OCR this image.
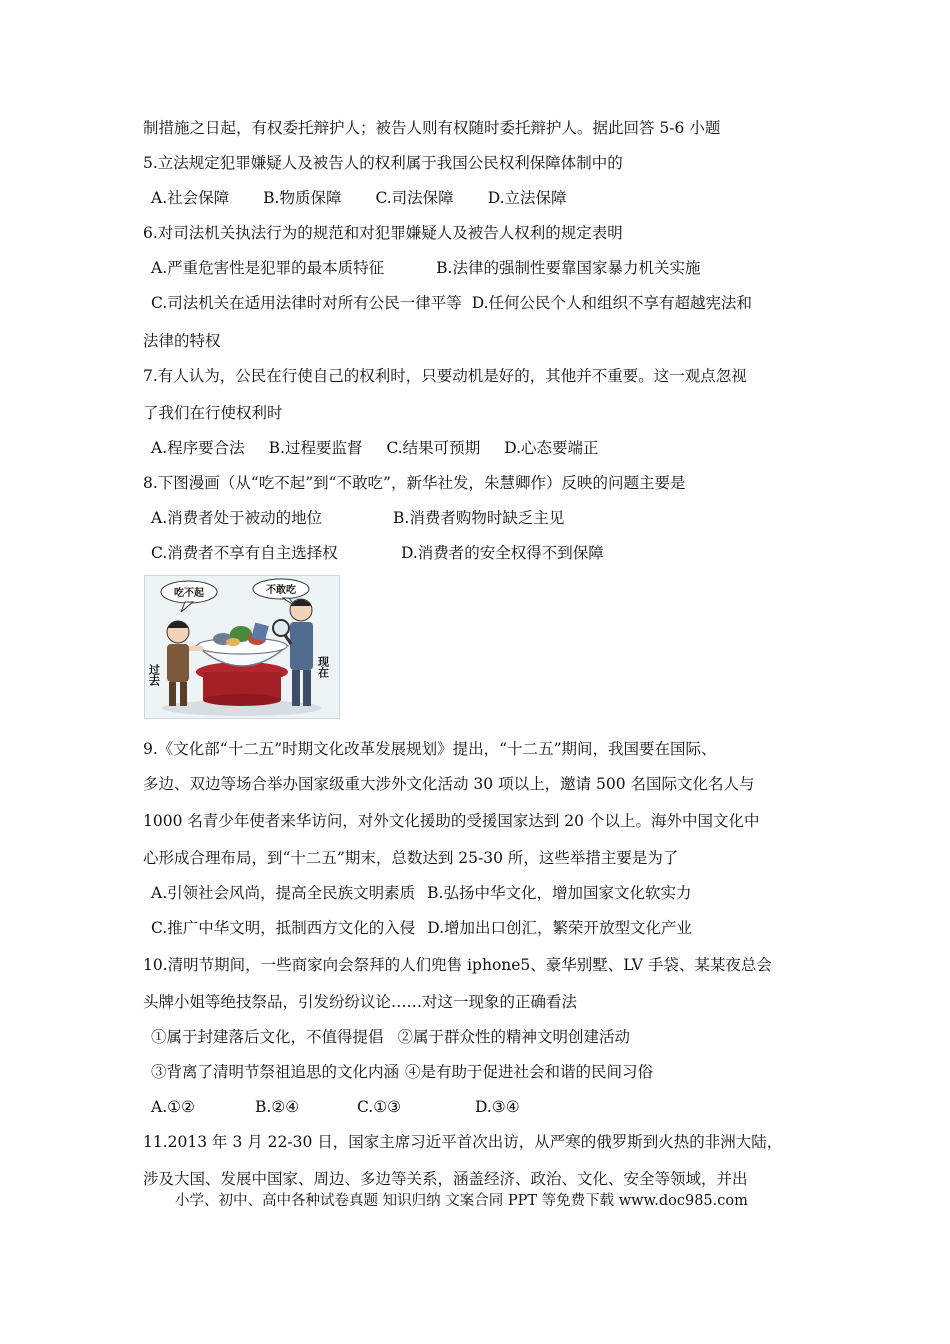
制措施之日起，有权委托辩护人；被告人则有权随时委托辩护人。据此回答 5-6 小题
5.立法规定犯罪嫌疑人及被告人的权利属于我国公民权利保障体制中的
A.社会保障 B.物质保障 C.司法保障 D.立法保障
6.对司法机关执法行为的规范和对犯罪嫌疑人及被告人权利的规定表明
A.严重危害性是犯罪的最本质特征	B.法律的强制性要靠国家暴力机关实施
C.司法机关在适用法律时对所有公民一律平等 D.任何公民个人和组织不享有超越宪法和
法律的特权
7.有人认为，公民在行使自己的权利时，只要动机是好的，其他并不重要。这一观点忽视
了我们在行使权利时
A.程序要合法 B.过程要监督 C.结果可预期 D.心态要端正
8.下图漫画（从“吃不起”到“不敢吃”，新华社发，朱慧卿作）反映的问题主要是
A.消费者处于被动的地位	B.消费者购物时缺乏主见
C.消费者不享有自主选择权	D.消费者的安全权得不到保障
吃不起	不敢吃
过去	现在
9.《文化部“十二五”时期文化改革发展规划》提出，“十二五”期间，我国要在国际、
多边、双边等场合举办国家级重大涉外文化活动 30 项以上，邀请 500 名国际文化名人与
1000 名青少年使者来华访问，对外文化援助的受援国家达到 20 个以上。海外中国文化中
心形成合理布局，到“十二五”期末，总数达到 25-30 所，这些举措主要是为了
A.引领社会风尚，提高全民族文明素质 B.弘扬中华文化，增加国家文化软实力
C.推广中华文明，抵制西方文化的入侵 D.增加出口创汇，繁荣开放型文化产业
10.清明节期间，一些商家向会祭拜的人们兜售 iphone5、豪华别墅、LV 手袋、某某夜总会
头牌小姐等绝技祭品，引发纷纷议论……对这一现象的正确看法
①属于封建落后文化，不值得提倡 ②属于群众性的精神文明创建活动
③背离了清明节祭祖追思的文化内涵 ④是有助于促进社会和谐的民间习俗
A.①②	B.②④	C.①③	D.③④
11.2013 年 3 月 22-30 日，国家主席习近平首次出访，从严寒的俄罗斯到火热的非洲大陆，
涉及大国、发展中国家、周边、多边等关系，涵盖经济、政治、文化、安全等领域，并出
小学、初中、高中各种试卷真题 知识归纳 文案合同 PPT 等免费下载 www.doc985.com
